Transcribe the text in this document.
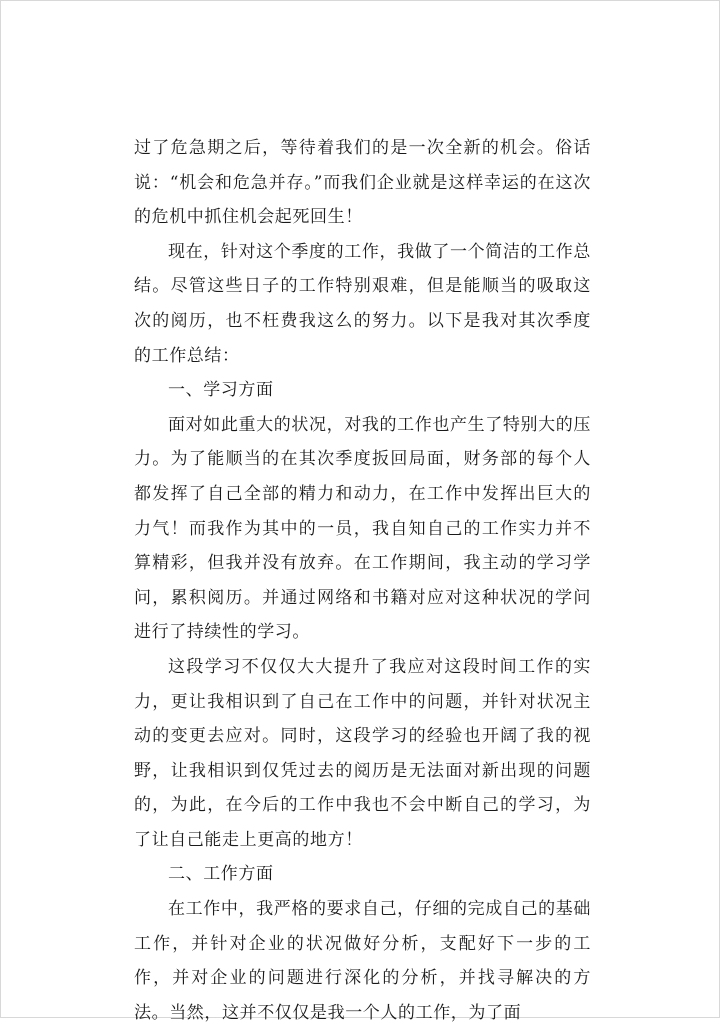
过了危急期之后，等待着我们的是一次全新的机会。俗话说：“机会和危急并存。”而我们企业就是这样幸运的在这次的危机中抓住机会起死回生！

现在，针对这个季度的工作，我做了一个简洁的工作总结。尽管这些日子的工作特别艰难，但是能顺当的吸取这次的阅历，也不枉费我这么的努力。以下是我对其次季度的工作总结：

一、学习方面

面对如此重大的状况，对我的工作也产生了特别大的压力。为了能顺当的在其次季度扳回局面，财务部的每个人都发挥了自己全部的精力和动力，在工作中发挥出巨大的力气！而我作为其中的一员，我自知自己的工作实力并不算精彩，但我并没有放弃。在工作期间，我主动的学习学问，累积阅历。并通过网络和书籍对应对这种状况的学问进行了持续性的学习。

这段学习不仅仅大大提升了我应对这段时间工作的实力，更让我相识到了自己在工作中的问题，并针对状况主动的变更去应对。同时，这段学习的经验也开阔了我的视野，让我相识到仅凭过去的阅历是无法面对新出现的问题的，为此，在今后的工作中我也不会中断自己的学习，为了让自己能走上更高的地方！

二、工作方面

在工作中，我严格的要求自己，仔细的完成自己的基础工作，并针对企业的状况做好分析，支配好下一步的工作，并对企业的问题进行深化的分析，并找寻解决的方法。当然，这并不仅仅是我一个人的工作，为了面
